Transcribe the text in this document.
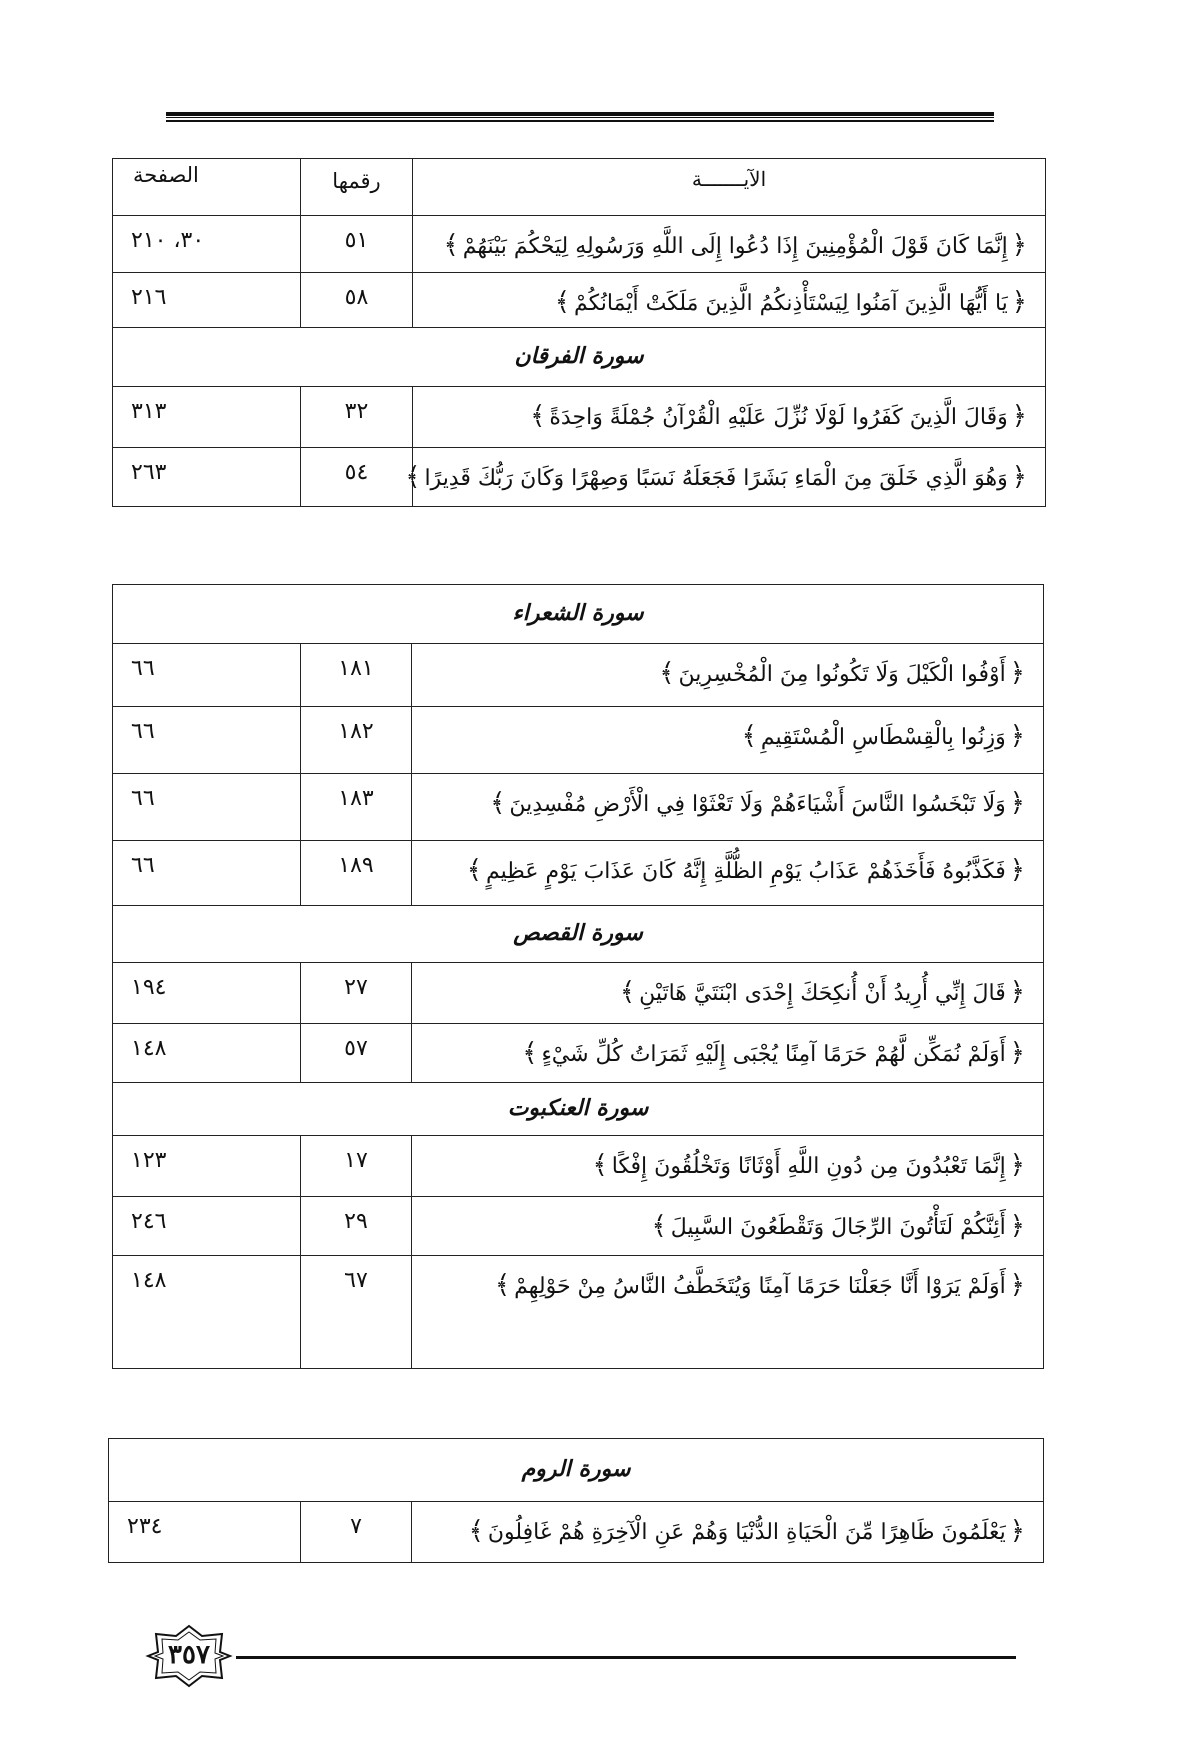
الآيـــــــة	رقمها	الصفحة
﴿إِنَّمَا كَانَ قَوْلَ الْمُؤْمِنِينَ إِذَا دُعُوا إِلَى اللَّهِ وَرَسُولِهِ لِيَحْكُمَ بَيْنَهُمْ﴾	٥١	٣٠، ٢١٠
﴿يَا أَيُّهَا الَّذِينَ آمَنُوا لِيَسْتَأْذِنكُمُ الَّذِينَ مَلَكَتْ أَيْمَانُكُمْ﴾	٥٨	٢١٦
سورة الفرقان		
﴿وَقَالَ الَّذِينَ كَفَرُوا لَوْلَا نُزِّلَ عَلَيْهِ الْقُرْآنُ جُمْلَةً وَاحِدَةً﴾	٣٢	٣١٣
﴿وَهُوَ الَّذِي خَلَقَ مِنَ الْمَاءِ بَشَرًا فَجَعَلَهُ نَسَبًا وَصِهْرًا وَكَانَ رَبُّكَ قَدِيرًا﴾	٥٤	٢٦٣
سورة الشعراء		
﴿أَوْفُوا الْكَيْلَ وَلَا تَكُونُوا مِنَ الْمُخْسِرِينَ﴾	١٨١	٦٦
﴿وَزِنُوا بِالْقِسْطَاسِ الْمُسْتَقِيمِ﴾	١٨٢	٦٦
﴿وَلَا تَبْخَسُوا النَّاسَ أَشْيَاءَهُمْ وَلَا تَعْثَوْا فِي الْأَرْضِ مُفْسِدِينَ﴾	١٨٣	٦٦
﴿فَكَذَّبُوهُ فَأَخَذَهُمْ عَذَابُ يَوْمِ الظُّلَّةِ إِنَّهُ كَانَ عَذَابَ يَوْمٍ عَظِيمٍ﴾	١٨٩	٦٦
سورة القصص		
﴿قَالَ إِنِّي أُرِيدُ أَنْ أُنكِحَكَ إِحْدَى ابْنَتَيَّ هَاتَيْنِ﴾	٢٧	١٩٤
﴿أَوَلَمْ نُمَكِّن لَّهُمْ حَرَمًا آمِنًا يُجْبَى إِلَيْهِ ثَمَرَاتُ كُلِّ شَيْءٍ﴾	٥٧	١٤٨
سورة العنكبوت		
﴿إِنَّمَا تَعْبُدُونَ مِن دُونِ اللَّهِ أَوْثَانًا وَتَخْلُقُونَ إِفْكًا﴾	١٧	١٢٣
﴿أَئِنَّكُمْ لَتَأْتُونَ الرِّجَالَ وَتَقْطَعُونَ السَّبِيلَ﴾	٢٩	٢٤٦
﴿أَوَلَمْ يَرَوْا أَنَّا جَعَلْنَا حَرَمًا آمِنًا وَيُتَخَطَّفُ النَّاسُ مِنْ حَوْلِهِمْ﴾	٦٧	١٤٨
سورة الروم
﴿يَعْلَمُونَ ظَاهِرًا مِّنَ الْحَيَاةِ الدُّنْيَا وَهُمْ عَنِ الْآخِرَةِ هُمْ غَافِلُونَ﴾	٧	٢٣٤
٣٥٧
